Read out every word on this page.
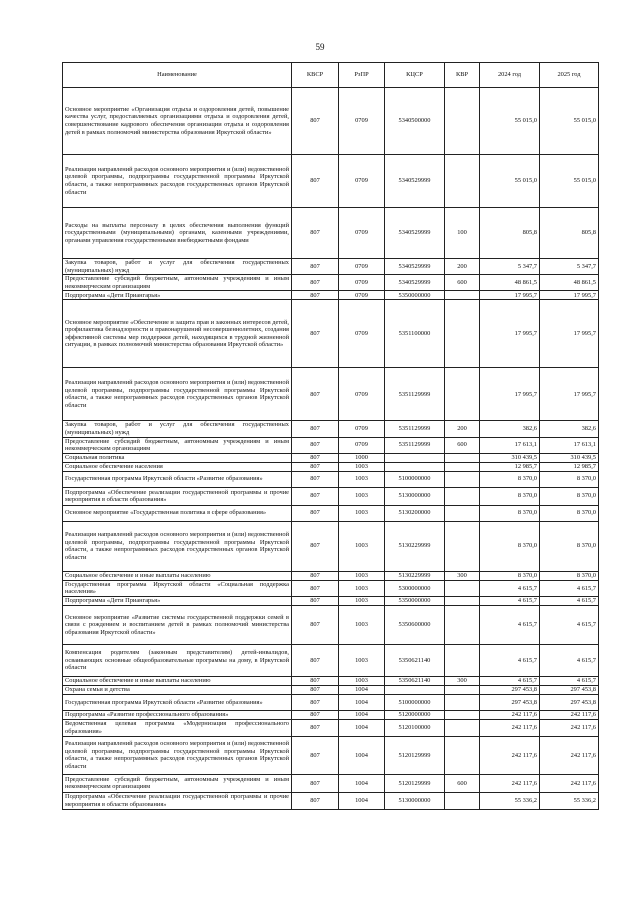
59
Наименование	КВСР	РзПР	КЦСР	КВР	2024 год	2025 год
Основное мероприятие «Организация отдыха и оздоровления детей, повышение качества услуг, предоставляемых организациями отдыха и оздоровления детей, совершенствование кадрового обеспечения организации отдыха и оздоровления детей в рамках полномочий министерства образования Иркутской области»	807	0709	5340500000		55 015,0	55 015,0
Реализация направлений расходов основного мероприятия и (или) ведомственной целевой программы, подпрограммы государственной программы Иркутской области, а также непрограммных расходов государственных органов Иркутской области	807	0709	5340529999		55 015,0	55 015,0
Расходы на выплаты персоналу в целях обеспечения выполнения функций государственными (муниципальными) органами, казенными учреждениями, органами управления государственными внебюджетными фондами	807	0709	5340529999	100	805,8	805,8
Закупка товаров, работ и услуг для обеспечения государственных (муниципальных) нужд	807	0709	5340529999	200	5 347,7	5 347,7
Предоставление субсидий бюджетным, автономным учреждениям и иным некоммерческим организациям	807	0709	5340529999	600	48 861,5	48 861,5
Подпрограмма «Дети Приангарья»	807	0709	5350000000		17 995,7	17 995,7
Основное мероприятие «Обеспечение и защита прав и законных интересов детей, профилактика безнадзорности и правонарушений несовершеннолетних, создания эффективной системы мер поддержки детей, находящихся в трудной жизненной ситуации, в рамках полномочий министерства образования Иркутской области»	807	0709	5351100000		17 995,7	17 995,7
Реализация направлений расходов основного мероприятия и (или) ведомственной целевой программы, подпрограммы государственной программы Иркутской области, а также непрограммных расходов государственных органов Иркутской области	807	0709	5351129999		17 995,7	17 995,7
Закупка товаров, работ и услуг для обеспечения государственных (муниципальных) нужд	807	0709	5351129999	200	382,6	382,6
Предоставление субсидий бюджетным, автономным учреждениям и иным некоммерческим организациям	807	0709	5351129999	600	17 613,1	17 613,1
Социальная политика	807	1000			310 439,5	310 439,5
Социальное обеспечение населения	807	1003			12 985,7	12 985,7
Государственная программа Иркутской области «Развитие образования»	807	1003	5100000000		8 370,0	8 370,0
Подпрограмма «Обеспечение реализации государственной программы и прочие мероприятия в области образования»	807	1003	5130000000		8 370,0	8 370,0
Основное мероприятие «Государственная политика в сфере образования»	807	1003	5130200000		8 370,0	8 370,0
Реализация направлений расходов основного мероприятия и (или) ведомственной целевой программы, подпрограммы государственной программы Иркутской области, а также непрограммных расходов государственных органов Иркутской области	807	1003	5130229999		8 370,0	8 370,0
Социальное обеспечение и иные выплаты населению	807	1003	5130229999	300	8 370,0	8 370,0
Государственная программа Иркутской области «Социальная поддержка населения»	807	1003	5300000000		4 615,7	4 615,7
Подпрограмма «Дети Приангарья»	807	1003	5350000000		4 615,7	4 615,7
Основное мероприятие «Развитие системы государственной поддержки семей в связи с рождением и воспитанием детей в рамках полномочий министерства образования Иркутской области»	807	1003	5350600000		4 615,7	4 615,7
Компенсация родителям (законным представителям) детей-инвалидов, осваивающих основные общеобразовательные программы на дому, в Иркутской области	807	1003	5350621140		4 615,7	4 615,7
Социальное обеспечение и иные выплаты населению	807	1003	5350621140	300	4 615,7	4 615,7
Охрана семьи и детства	807	1004			297 453,8	297 453,8
Государственная программа Иркутской области «Развитие образования»	807	1004	5100000000		297 453,8	297 453,8
Подпрограмма «Развитие профессионального образования»	807	1004	5120000000		242 117,6	242 117,6
Ведомственная целевая программа «Модернизация профессионального образования»	807	1004	5120100000		242 117,6	242 117,6
Реализация направлений расходов основного мероприятия и (или) ведомственной целевой программы, подпрограммы государственной программы Иркутской области, а также непрограммных расходов государственных органов Иркутской области	807	1004	5120129999		242 117,6	242 117,6
Предоставление субсидий бюджетным, автономным учреждениям и иным некоммерческим организациям	807	1004	5120129999	600	242 117,6	242 117,6
Подпрограмма «Обеспечение реализации государственной программы и прочие мероприятия в области образования»	807	1004	5130000000		55 336,2	55 336,2
